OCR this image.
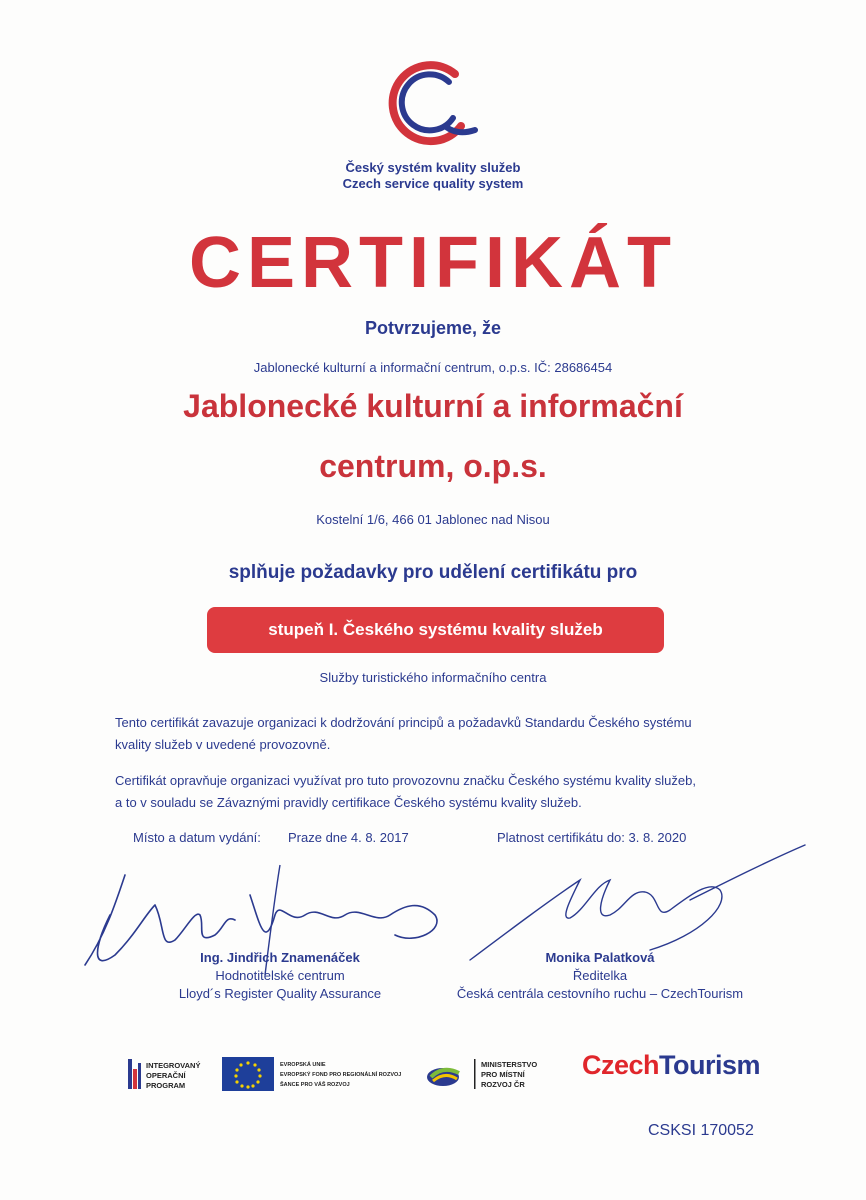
Český systém kvality služeb
Czech service quality system
CERTIFIKÁT
Potvrzujeme, že
Jablonecké kulturní a informační centrum, o.p.s. IČ: 28686454
Jablonecké kulturní a informační
centrum, o.p.s.
Kostelní 1/6, 466 01 Jablonec nad Nisou
splňuje požadavky pro udělení certifikátu pro
stupeň I. Českého systému kvality služeb
Služby turistického informačního centra
Tento certifikát zavazuje organizaci k dodržování principů a požadavků Standardu Českého systému
kvality služeb v uvedené provozovně.
Certifikát opravňuje organizaci využívat pro tuto provozovnu značku Českého systému kvality služeb,
a to v souladu se Závaznými pravidly certifikace Českého systému kvality služeb.
Místo a datum vydání: Praze dne 4. 8. 2017	Platnost certifikátu do: 3. 8. 2020
Ing. Jindřich Znamenáček
Hodnotitelské centrum
Lloyd´s Register Quality Assurance
Monika Palatková
Ředitelka
Česká centrála cestovního ruchu – CzechTourism
INTEGROVANÝ
OPERAČNÍ
PROGRAM
EVROPSKÁ UNIE
EVROPSKÝ FOND PRO REGIONÁLNÍ ROZVOJ
ŠANCE PRO VÁŠ ROZVOJ
MINISTERSTVO
PRO MÍSTNÍ
ROZVOJ ČR
CzechTourism
CSKSI 170052
